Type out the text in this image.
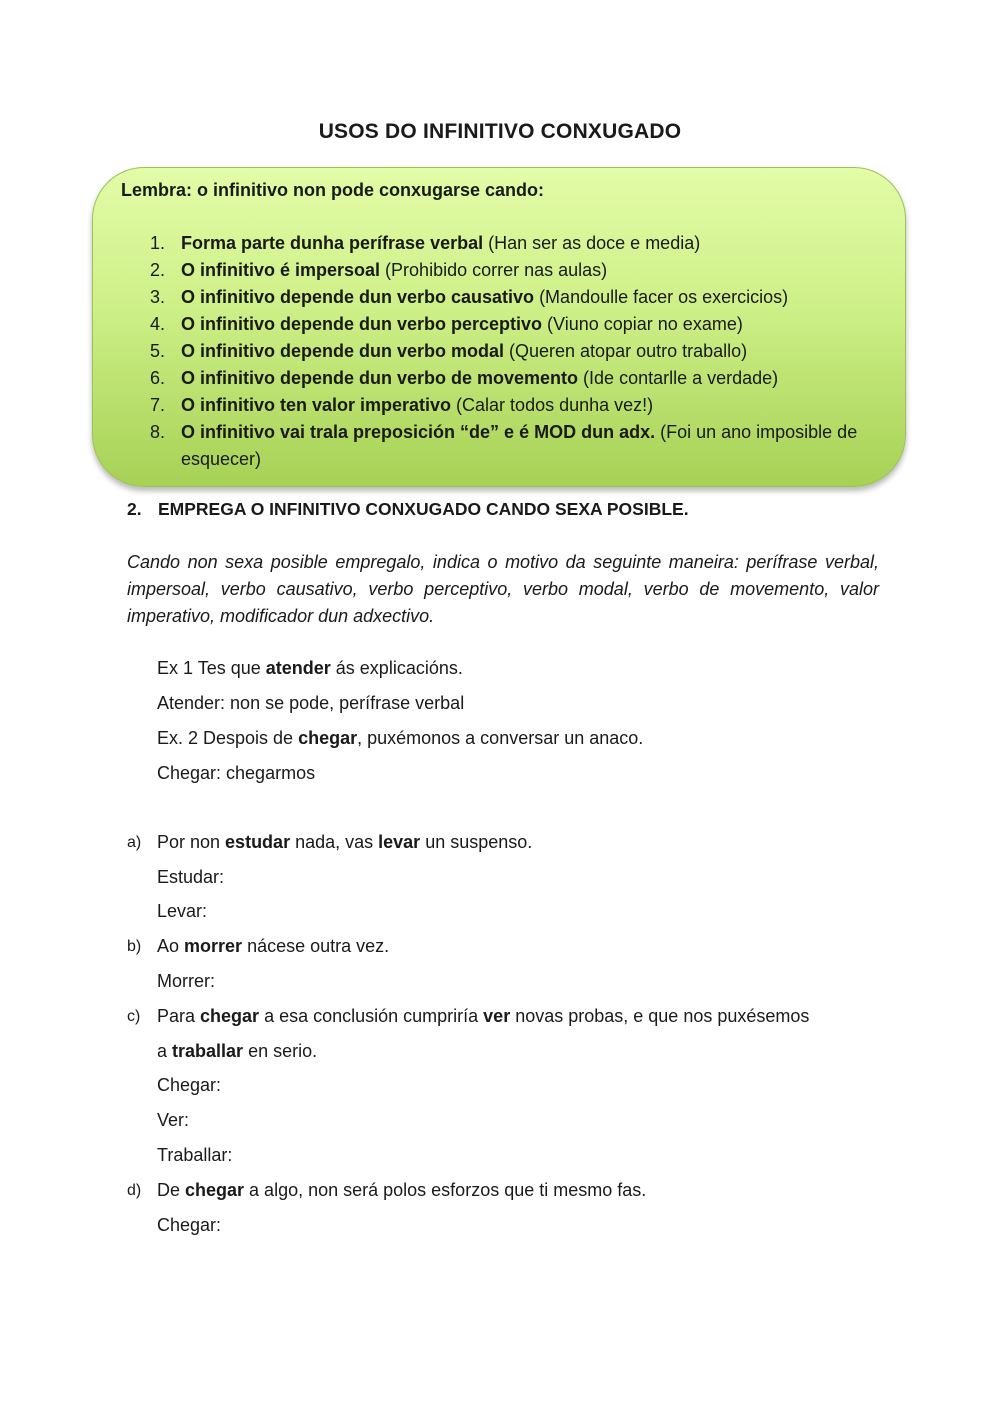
USOS DO INFINITIVO CONXUGADO
Lembra: o infinitivo non pode conxugarse cando:
1. Forma parte dunha perífrase verbal (Han ser as doce e media)
2. O infinitivo é impersoal (Prohibido correr nas aulas)
3. O infinitivo depende dun verbo causativo (Mandoulle facer os exercicios)
4. O infinitivo depende dun verbo perceptivo (Viuno copiar no exame)
5. O infinitivo depende dun verbo modal (Queren atopar outro traballo)
6. O infinitivo depende dun verbo de movemento (Ide contarlle a verdade)
7. O infinitivo ten valor imperativo (Calar todos dunha vez!)
8. O infinitivo vai trala preposición “de” e é MOD dun adx. (Foi un ano imposible de esquecer)
2. EMPREGA O INFINITIVO CONXUGADO CANDO SEXA POSIBLE.
Cando non sexa posible empregalo, indica o motivo da seguinte maneira: perífrase verbal, impersoal, verbo causativo, verbo perceptivo, verbo modal, verbo de movemento, valor imperativo, modificador dun adxectivo.
Ex 1 Tes que atender ás explicacións.
Atender: non se pode, perífrase verbal
Ex. 2 Despois de chegar, puxémonos a conversar un anaco.
Chegar: chegarmos
a) Por non estudar nada, vas levar un suspenso.
Estudar:
Levar:
b) Ao morrer nácese outra vez.
Morrer:
c) Para chegar a esa conclusión cumpriría ver novas probas, e que nos puxésemos
a traballar en serio.
Chegar:
Ver:
Traballar:
d) De chegar a algo, non será polos esforzos que ti mesmo fas.
Chegar:
